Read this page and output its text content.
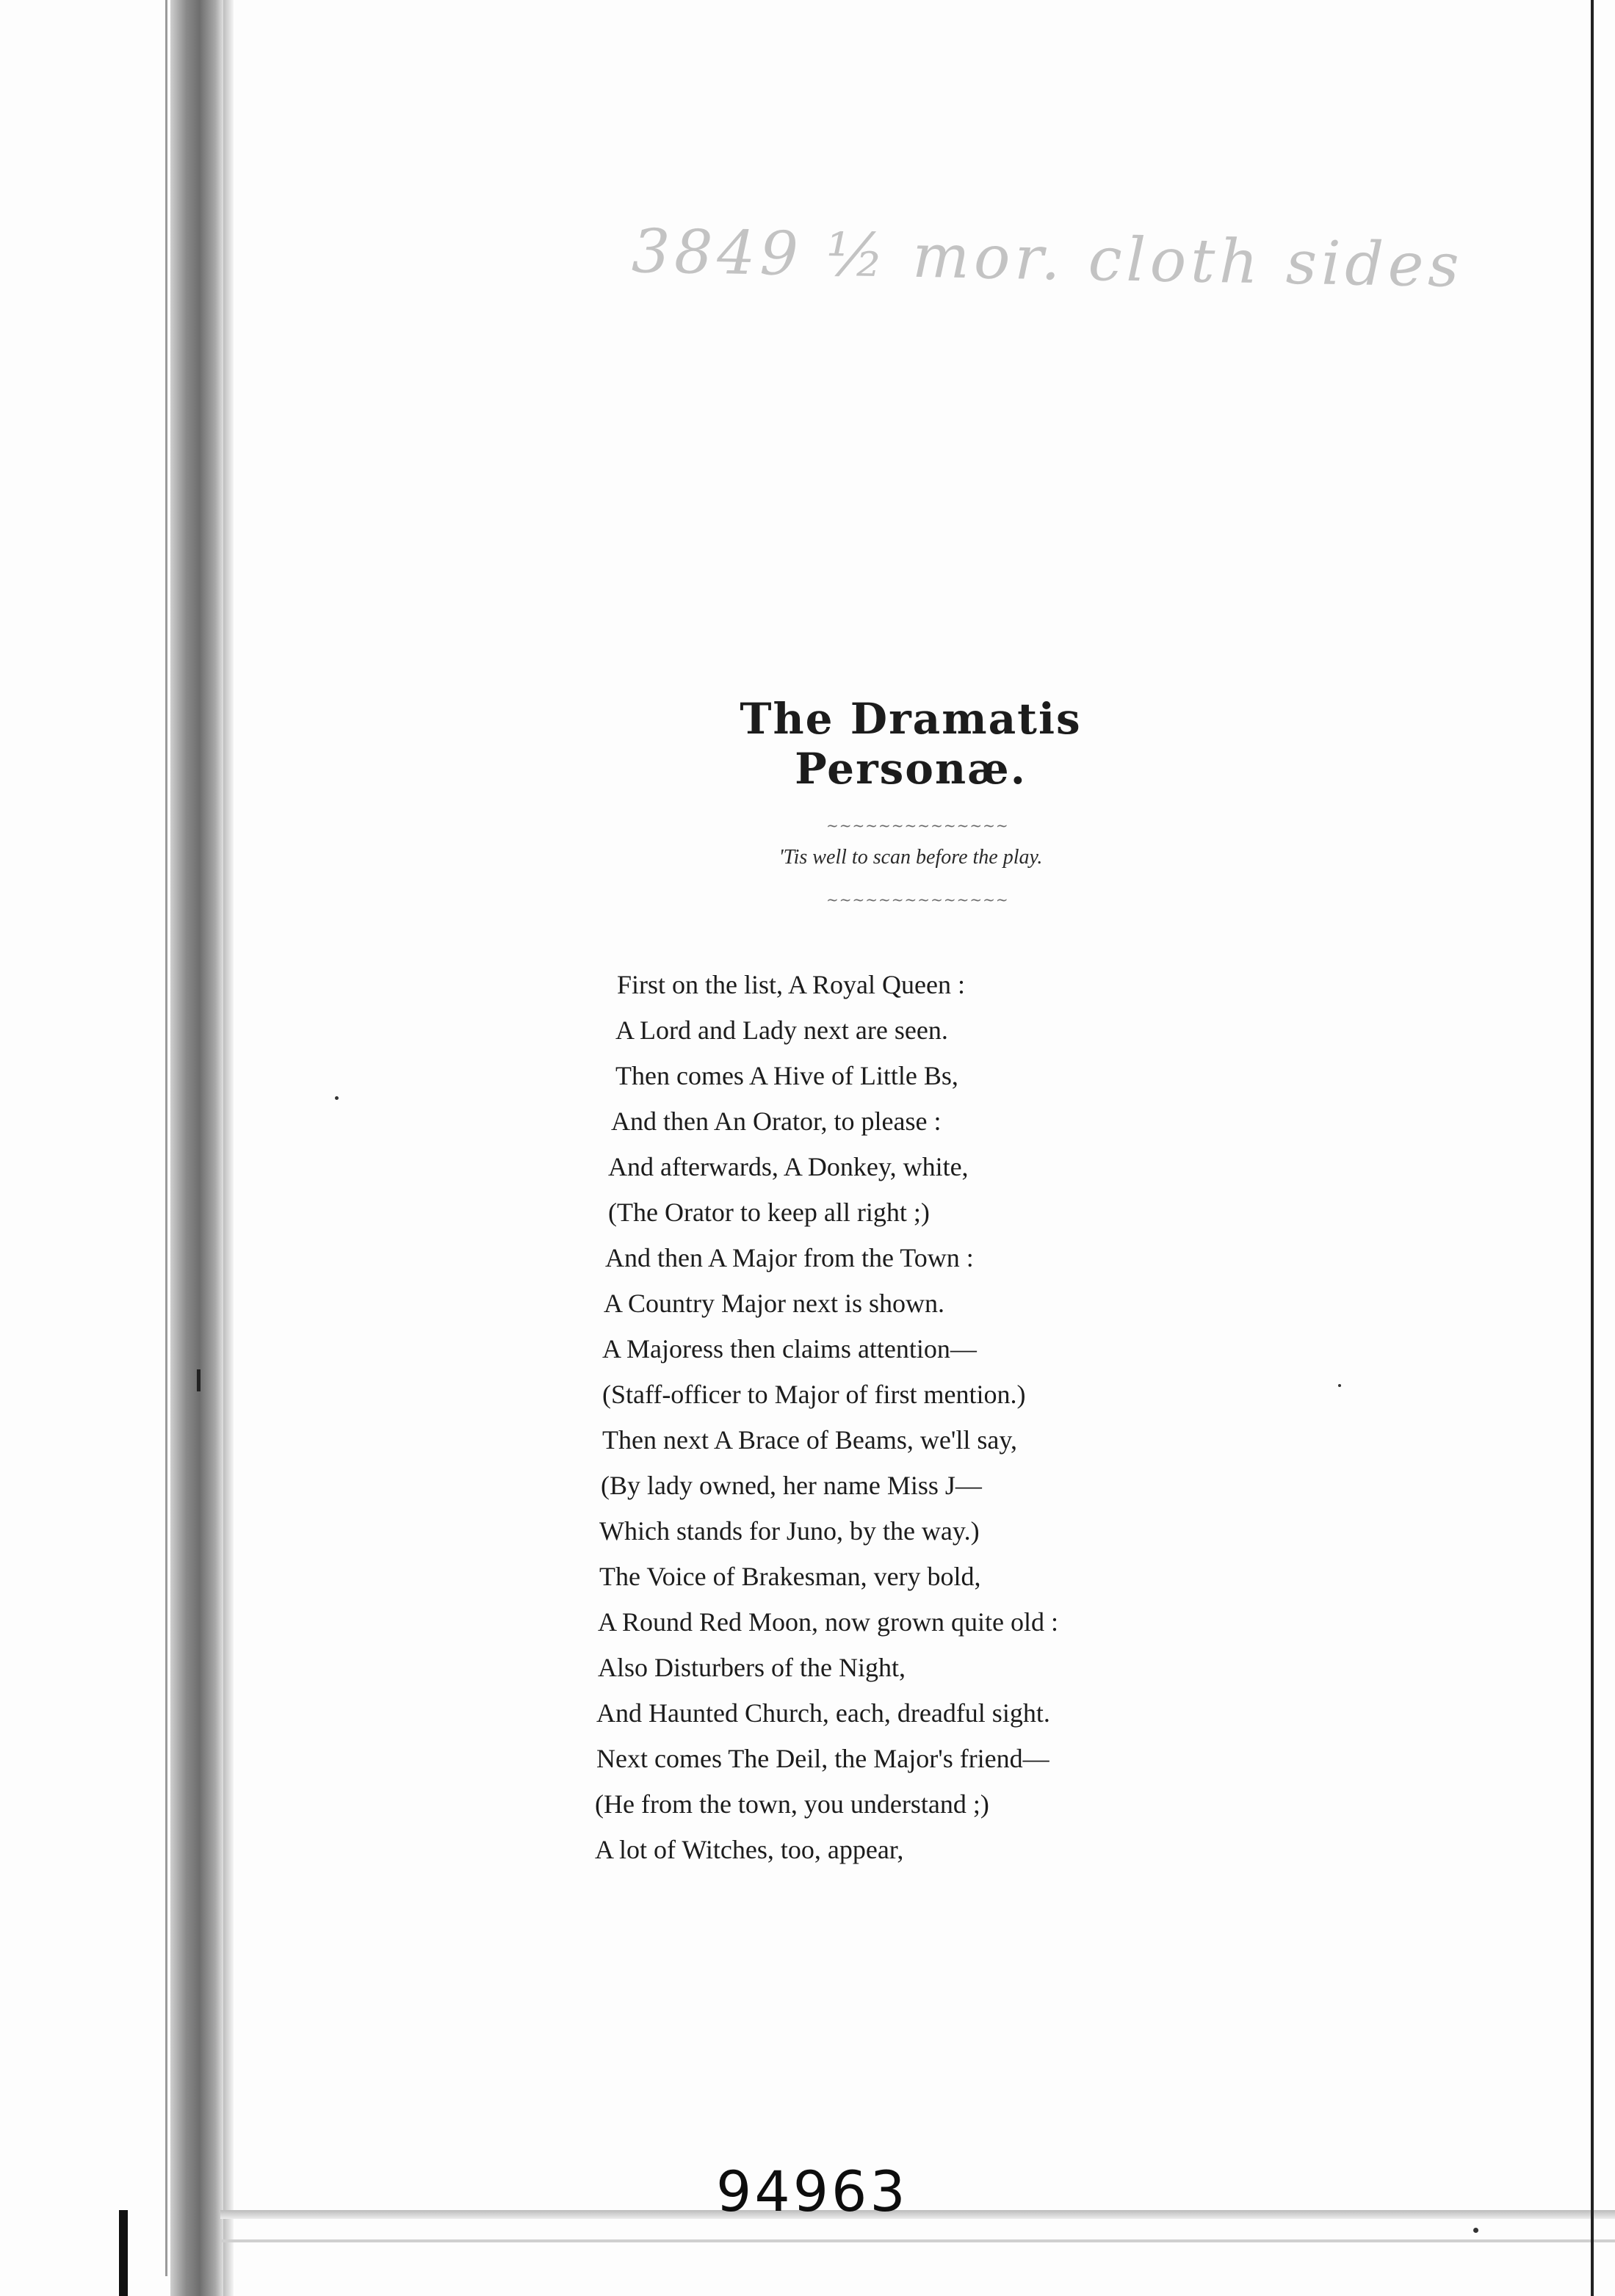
3849 ½ mor. cloth sides
The Dramatis Personæ.
~~~~~~~~~~~~~~
'Tis well to scan before the play.
~~~~~~~~~~~~~~
First on the list, A Royal Queen :
A Lord and Lady next are seen.
Then comes A Hive of Little Bs,
And then An Orator, to please :
And afterwards, A Donkey, white,
(The Orator to keep all right ;)
And then A Major from the Town :
A Country Major next is shown.
A Majoress then claims attention—
(Staff-officer to Major of first mention.)
Then next A Brace of Beams, we'll say,
(By lady owned, her name Miss J—
Which stands for Juno, by the way.)
The Voice of Brakesman, very bold,
A Round Red Moon, now grown quite old :
Also Disturbers of the Night,
And Haunted Church, each, dreadful sight.
Next comes The Deil, the Major's friend—
(He from the town, you understand ;)
A lot of Witches, too, appear,
94963
